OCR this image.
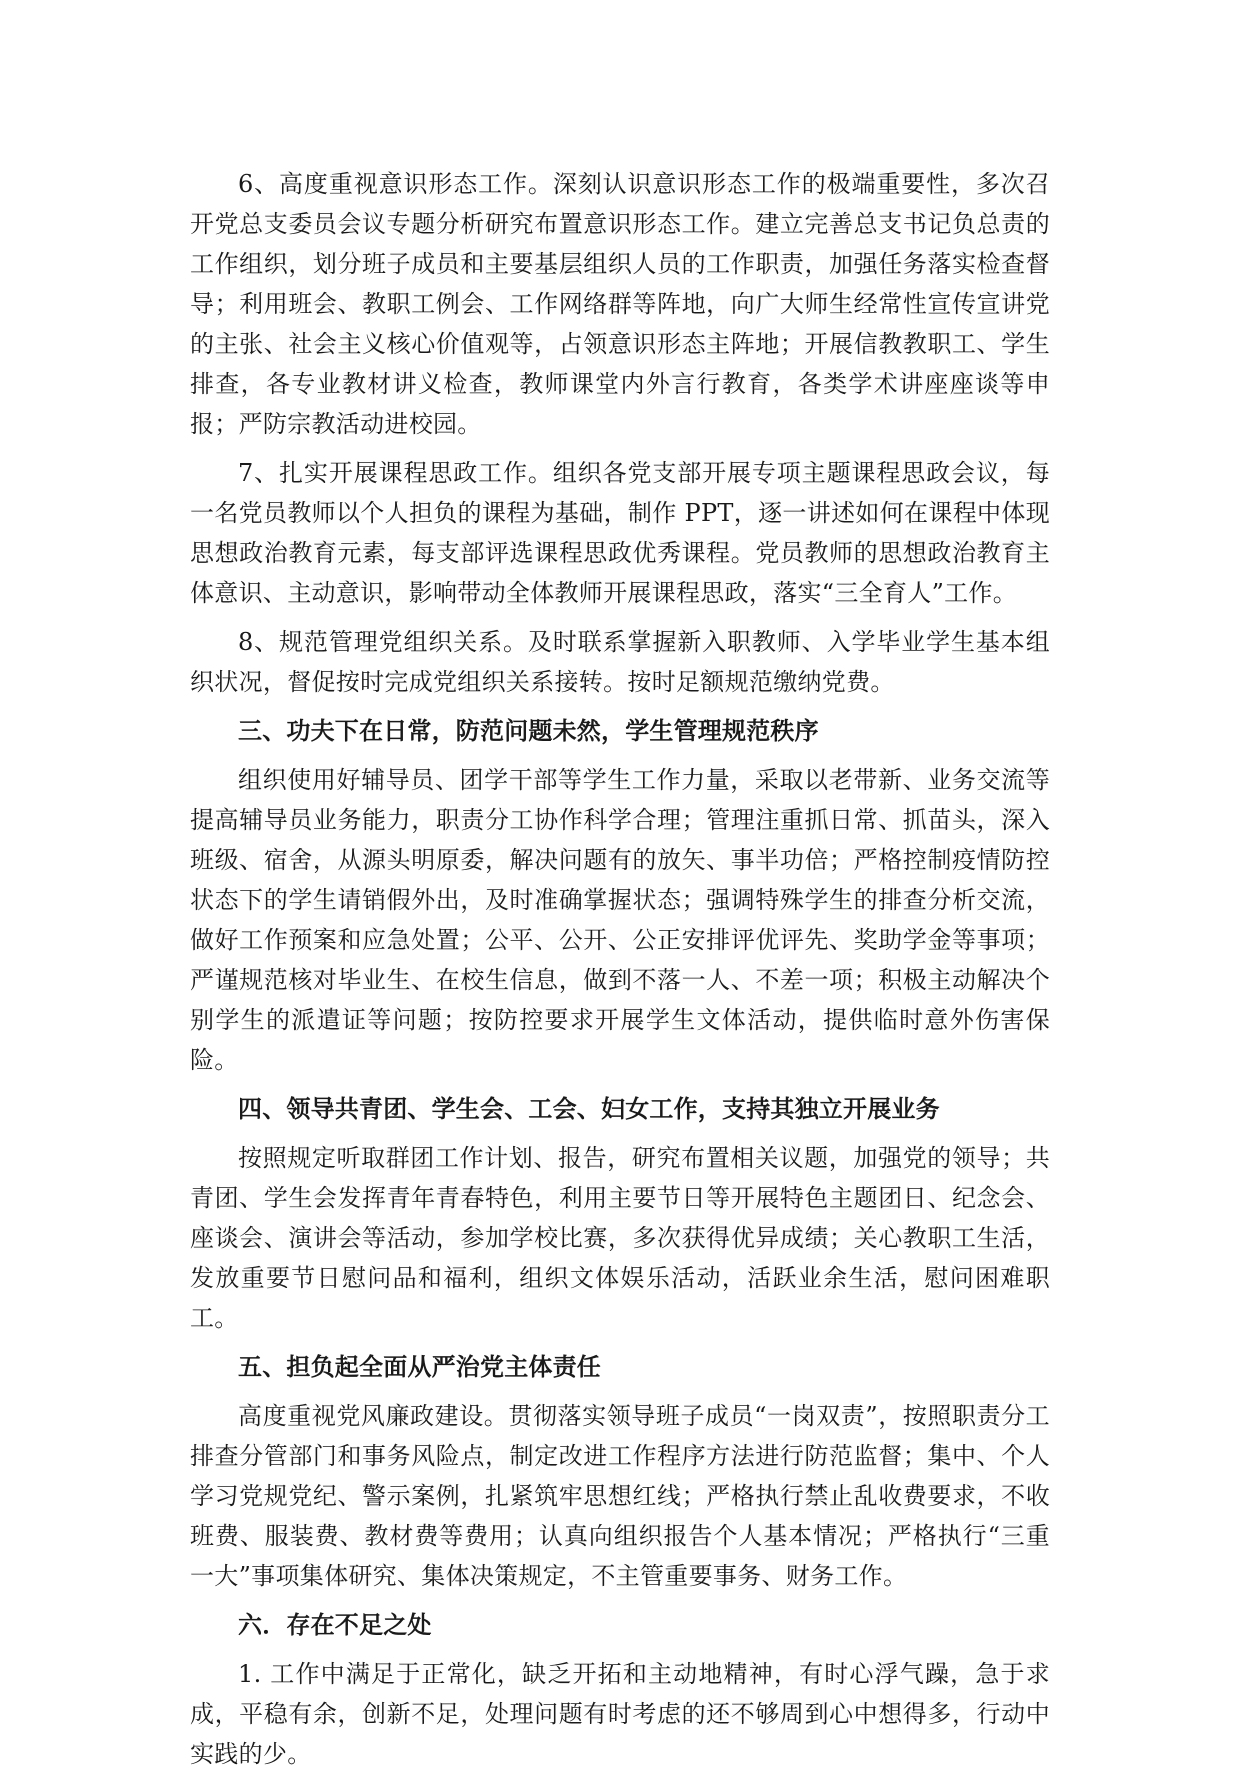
6、高度重视意识形态工作。深刻认识意识形态工作的极端重要性，多次召开党总支委员会议专题分析研究布置意识形态工作。建立完善总支书记负总责的工作组织，划分班子成员和主要基层组织人员的工作职责，加强任务落实检查督导；利用班会、教职工例会、工作网络群等阵地，向广大师生经常性宣传宣讲党的主张、社会主义核心价值观等，占领意识形态主阵地；开展信教教职工、学生排查，各专业教材讲义检查，教师课堂内外言行教育，各类学术讲座座谈等申报；严防宗教活动进校园。

7、扎实开展课程思政工作。组织各党支部开展专项主题课程思政会议，每一名党员教师以个人担负的课程为基础，制作 PPT，逐一讲述如何在课程中体现思想政治教育元素，每支部评选课程思政优秀课程。党员教师的思想政治教育主体意识、主动意识，影响带动全体教师开展课程思政，落实“三全育人”工作。

8、规范管理党组织关系。及时联系掌握新入职教师、入学毕业学生基本组织状况，督促按时完成党组织关系接转。按时足额规范缴纳党费。

三、功夫下在日常，防范问题未然，学生管理规范秩序

组织使用好辅导员、团学干部等学生工作力量，采取以老带新、业务交流等提高辅导员业务能力，职责分工协作科学合理；管理注重抓日常、抓苗头，深入班级、宿舍，从源头明原委，解决问题有的放矢、事半功倍；严格控制疫情防控状态下的学生请销假外出，及时准确掌握状态；强调特殊学生的排查分析交流，做好工作预案和应急处置；公平、公开、公正安排评优评先、奖助学金等事项；严谨规范核对毕业生、在校生信息，做到不落一人、不差一项；积极主动解决个别学生的派遣证等问题；按防控要求开展学生文体活动，提供临时意外伤害保险。

四、领导共青团、学生会、工会、妇女工作，支持其独立开展业务

按照规定听取群团工作计划、报告，研究布置相关议题，加强党的领导；共青团、学生会发挥青年青春特色，利用主要节日等开展特色主题团日、纪念会、座谈会、演讲会等活动，参加学校比赛，多次获得优异成绩；关心教职工生活，发放重要节日慰问品和福利，组织文体娱乐活动，活跃业余生活，慰问困难职工。

五、担负起全面从严治党主体责任

高度重视党风廉政建设。贯彻落实领导班子成员“一岗双责”，按照职责分工排查分管部门和事务风险点，制定改进工作程序方法进行防范监督；集中、个人学习党规党纪、警示案例，扎紧筑牢思想红线；严格执行禁止乱收费要求，不收班费、服装费、教材费等费用；认真向组织报告个人基本情况；严格执行“三重一大”事项集体研究、集体决策规定，不主管重要事务、财务工作。

六．存在不足之处

1. 工作中满足于正常化，缺乏开拓和主动地精神，有时心浮气躁，急于求成，平稳有余，创新不足，处理问题有时考虑的还不够周到心中想得多，行动中实践的少。
